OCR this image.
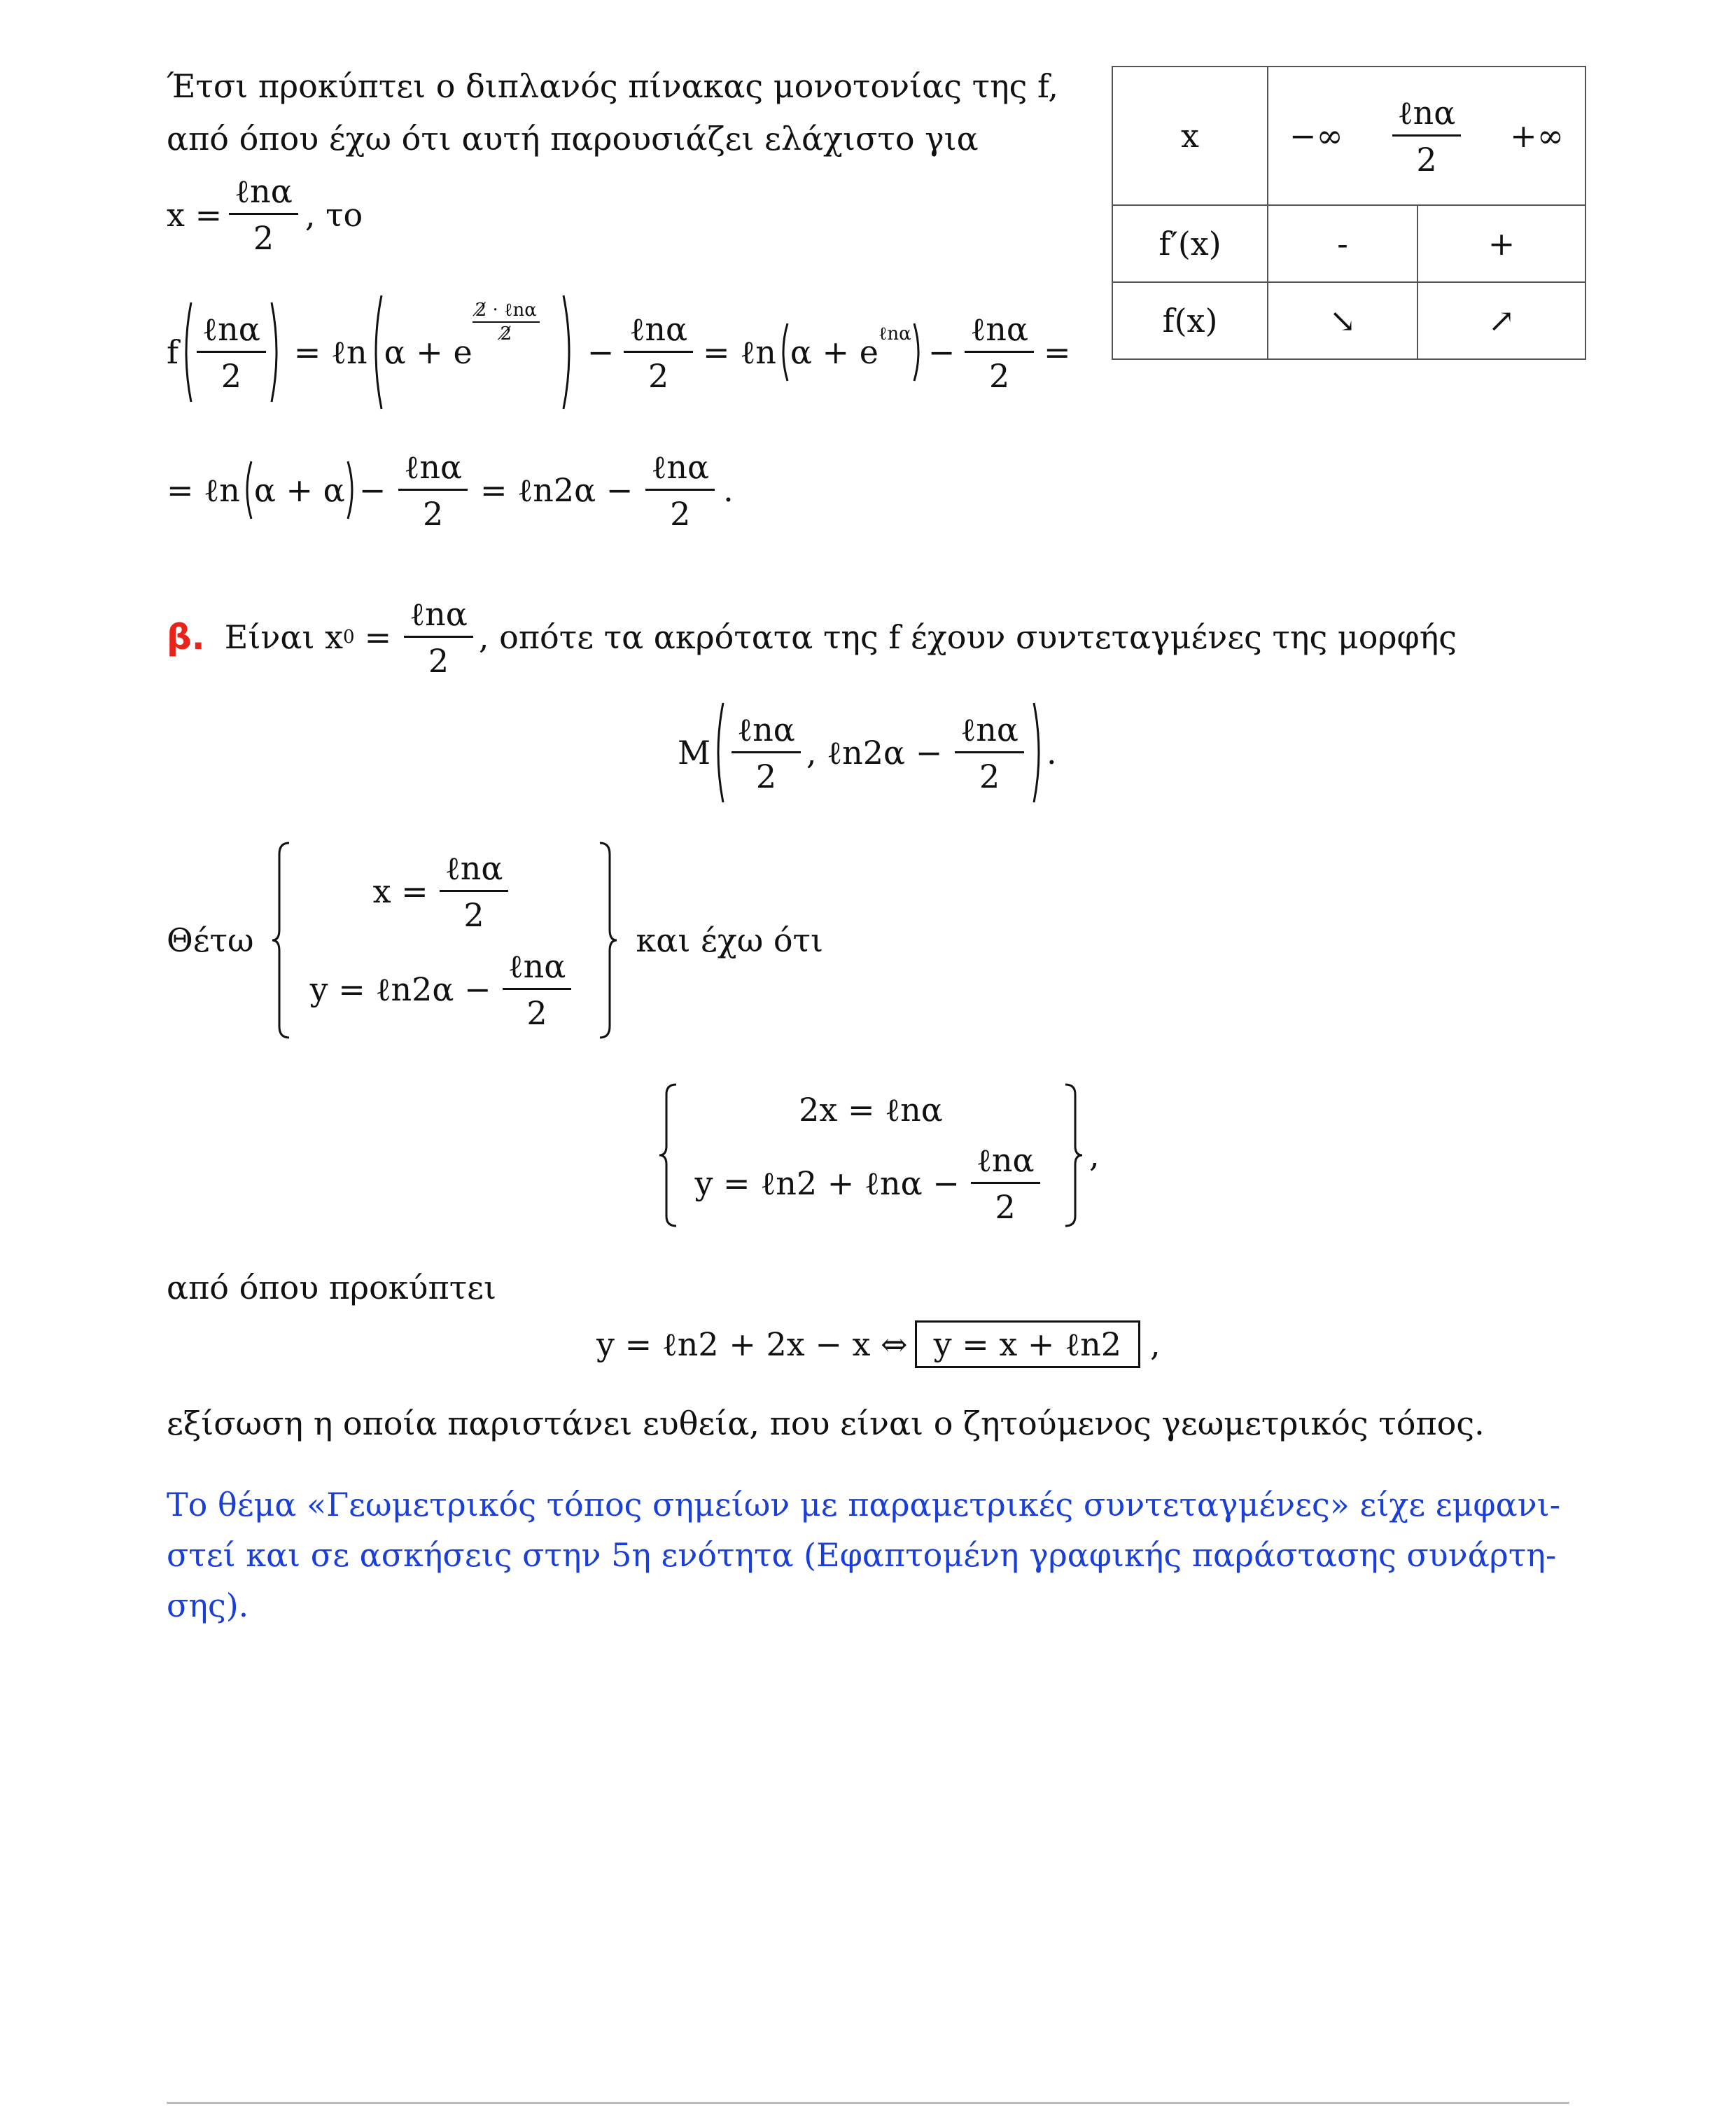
Έτσι προκύπτει ο διπλανός πίνακας μονοτονίας της f,
από όπου έχω ότι αυτή παρουσιάζει ελάχιστο για
$x = \frac{\text{ℓnα}}{2}$ , το
f $\frac{\text{ℓnα}}{2}$ = ℓn α + e
2̸ · ℓnα
2̸ − $\frac{\text{ℓnα}}{2}$ = ℓn α + e ℓnα − $\frac{\text{ℓnα}}{2}$ =
= ℓn $\alpha + \alpha - \frac{\text{ℓnα}}{2}$ = ℓn2α − $\frac{\text{ℓnα}}{2}$ .
x	−∞ $\frac{\text{ℓnα}}{2}$ +∞	

f′(x)	-	+
f(x)	↘	↗
β. Είναι x $0 = \frac{\text{ℓnα}}{2}$ , οπότε τα ακρότατα της f έχουν συντεταγμένες της μορφής
M $\frac{\text{ℓnα}}{2}$ , ℓn2α − $\frac{\text{ℓnα}}{2}$ .
Θέτω
$x = \frac{\text{ℓnα}}{2}$
y = ℓn2α − $\frac{\text{ℓnα}}{2}$
και έχω ότι
2x = ℓnα
y = ℓn2 + ℓnα − $\frac{\text{ℓnα}}{2}$ ,
από όπου προκύπτει
y = ℓn2 + 2x − x ⇔ y = x + ℓn2 ,
εξίσωση η οποία παριστάνει ευθεία, που είναι ο ζητούμενος γεωμετρικός τόπος.
Το θέμα «Γεωμετρικός τόπος σημείων με παραμετρικές συντεταγμένες» είχε εμφανι-
στεί και σε ασκήσεις στην 5η ενότητα (Εφαπτομένη γραφικής παράστασης συνάρτη-
σης).
